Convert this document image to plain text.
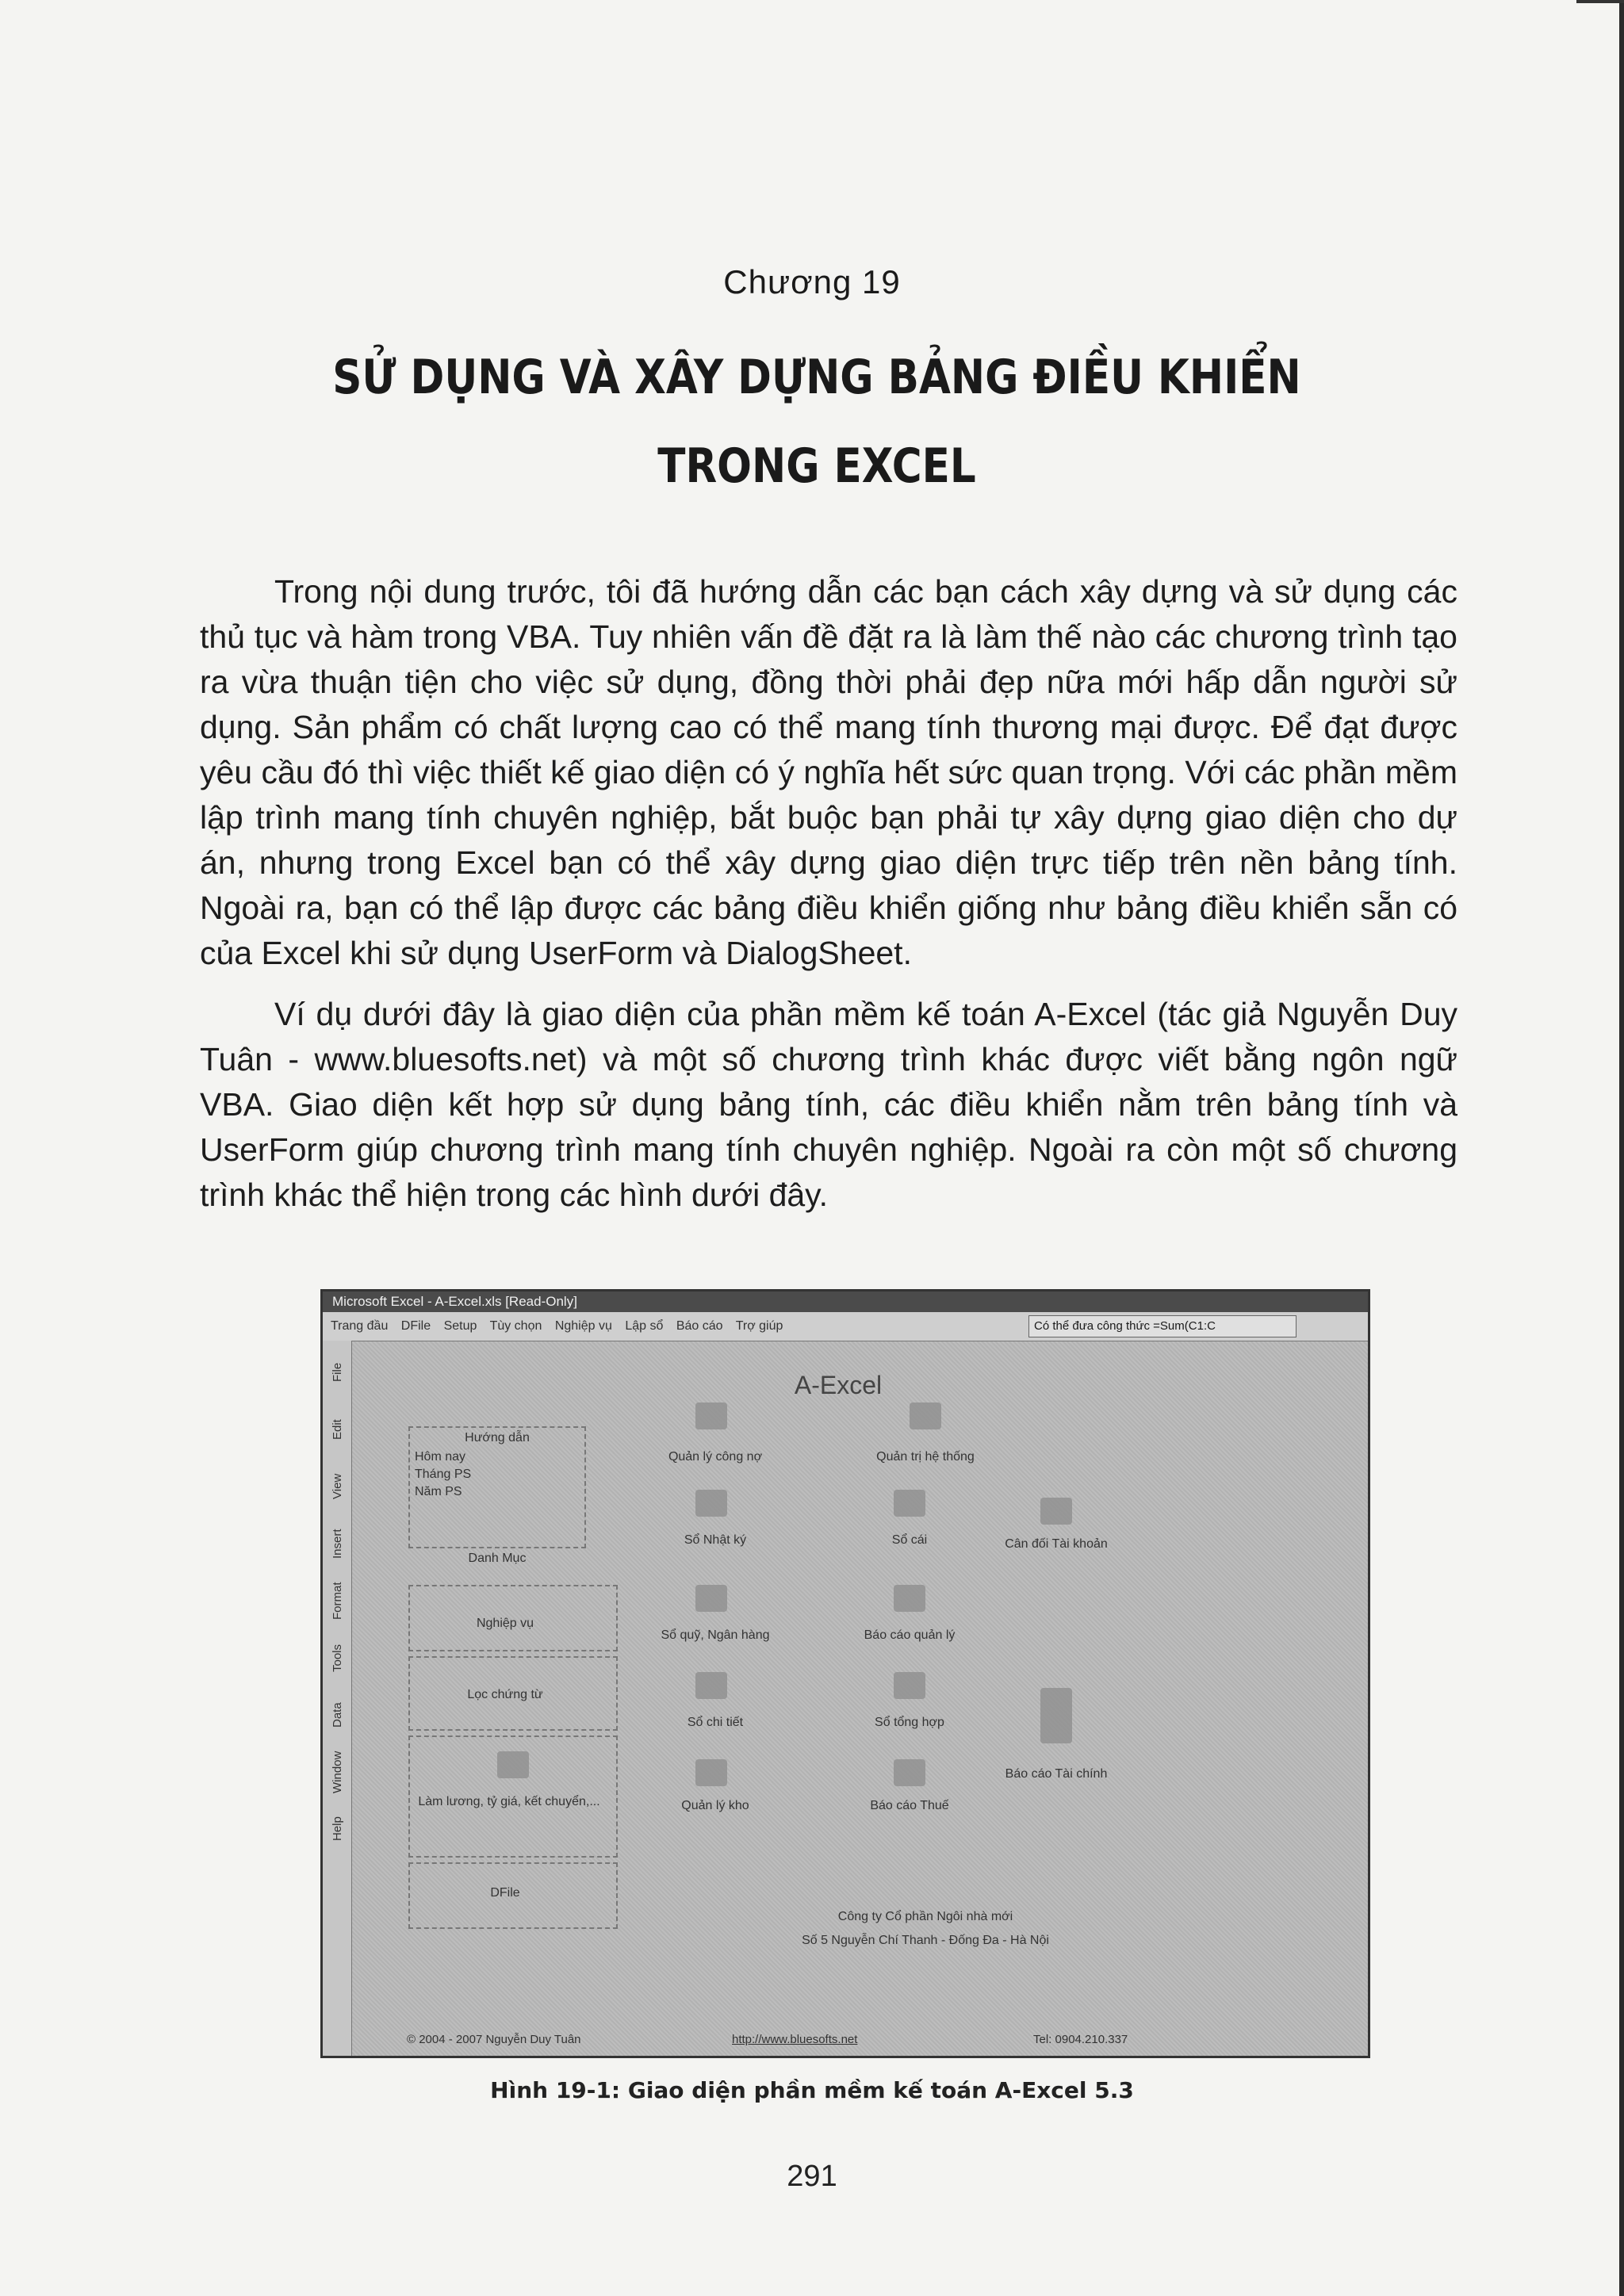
Chương 19
SỬ DỤNG VÀ XÂY DỰNG BẢNG ĐIỀU KHIỂN
TRONG EXCEL

Trong nội dung trước, tôi đã hướng dẫn các bạn cách xây dựng và sử dụng các thủ tục và hàm trong VBA. Tuy nhiên vấn đề đặt ra là làm thế nào các chương trình tạo ra vừa thuận tiện cho việc sử dụng, đồng thời phải đẹp nữa mới hấp dẫn người sử dụng. Sản phẩm có chất lượng cao có thể mang tính thương mại được. Để đạt được yêu cầu đó thì việc thiết kế giao diện có ý nghĩa hết sức quan trọng. Với các phần mềm lập trình mang tính chuyên nghiệp, bắt buộc bạn phải tự xây dựng giao diện cho dự án, nhưng trong Excel bạn có thể xây dựng giao diện trực tiếp trên nền bảng tính. Ngoài ra, bạn có thể lập được các bảng điều khiển giống như bảng điều khiển sẵn có của Excel khi sử dụng UserForm và DialogSheet.

Ví dụ dưới đây là giao diện của phần mềm kế toán A-Excel (tác giả Nguyễn Duy Tuân - www.bluesofts.net) và một số chương trình khác được viết bằng ngôn ngữ VBA. Giao diện kết hợp sử dụng bảng tính, các điều khiển nằm trên bảng tính và UserForm giúp chương trình mang tính chuyên nghiệp. Ngoài ra còn một số chương trình khác thể hiện trong các hình dưới đây.

Microsoft Excel - A-Excel.xls [Read-Only]
Trang đầu DFile Setup Tùy chọn Nghiệp vụ Lập sổ Báo cáo Trợ giúp	Có thể đưa công thức =Sum(C1:C
File
Edit
View
Insert
Format
Tools
Data
Window
Help
A-Excel
Hướng dẫn
Hôm nay
Tháng PS
Năm PS
Danh Mục
Nghiệp vụ
Lọc chứng từ
Làm lương, tỷ giá, kết chuyển,...
DFile
Quản lý công nợ	Quản trị hệ thống
Sổ Nhật ký	Sổ cái	Cân đối Tài khoản
Sổ quỹ, Ngân hàng	Báo cáo quản lý
Sổ chi tiết	Sổ tổng hợp
Báo cáo Tài chính
Quản lý kho	Báo cáo Thuế
Công ty Cổ phần Ngôi nhà mới
Số 5 Nguyễn Chí Thanh - Đống Đa - Hà Nội
© 2004 - 2007 Nguyễn Duy Tuân	http://www.bluesofts.net	Tel: 0904.210.337
Hình 19-1: Giao diện phần mềm kế toán A-Excel 5.3
291
